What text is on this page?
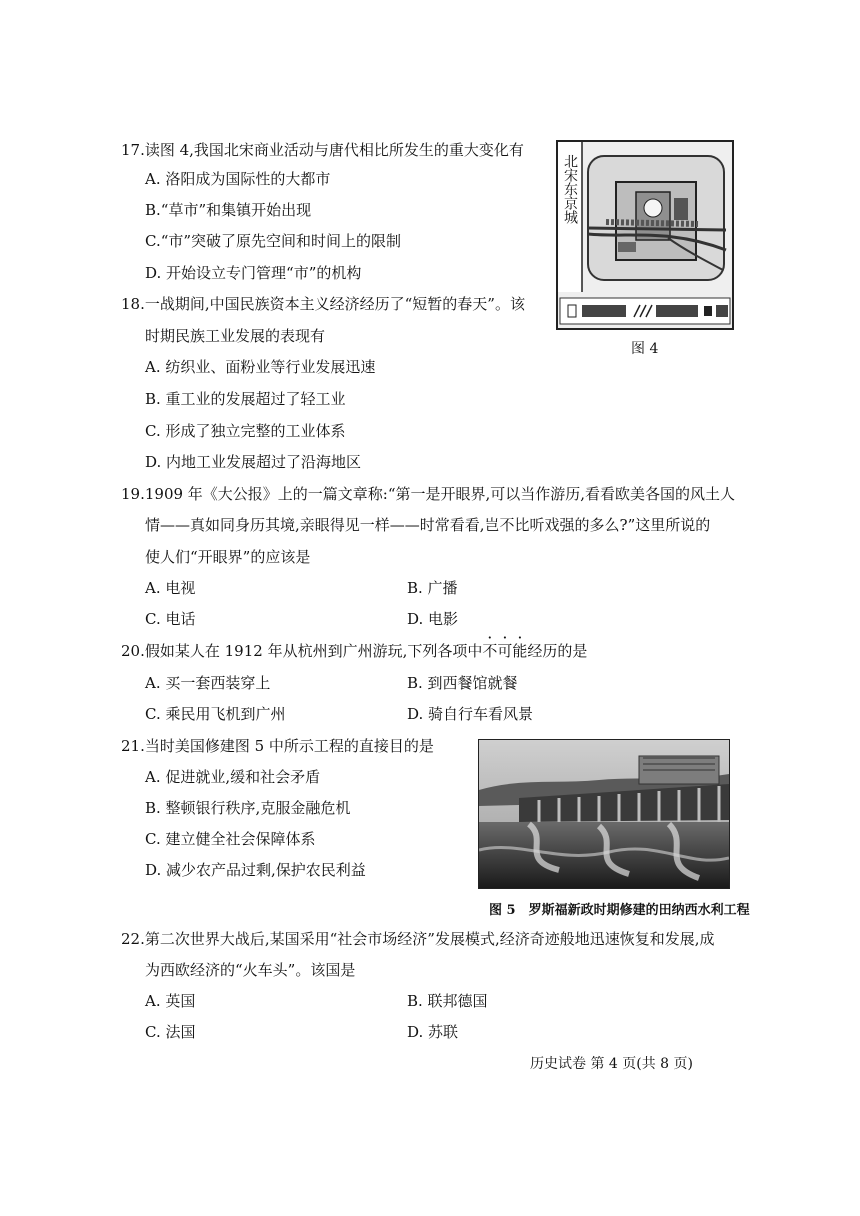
17.读图 4,我国北宋商业活动与唐代相比所发生的重大变化有
A. 洛阳成为国际性的大都市
B.“草市”和集镇开始出现
C.“市”突破了原先空间和时间上的限制
D. 开始设立专门管理“市”的机构
北宋东京城
图 4
18.一战期间,中国民族资本主义经济经历了“短暂的春天”。该
时期民族工业发展的表现有
A. 纺织业、面粉业等行业发展迅速
B. 重工业的发展超过了轻工业
C. 形成了独立完整的工业体系
D. 内地工业发展超过了沿海地区
19.1909 年《大公报》上的一篇文章称:“第一是开眼界,可以当作游历,看看欧美各国的风土人
情——真如同身历其境,亲眼得见一样——时常看看,岂不比听戏强的多么?”这里所说的
使人们“开眼界”的应该是
A. 电视	B. 广播
C. 电话	D. 电影
20.假如某人在 1912 年从杭州到广州游玩,下列各项中不可能经历的是
A. 买一套西装穿上	B. 到西餐馆就餐
C. 乘民用飞机到广州	D. 骑自行车看风景
21.当时美国修建图 5 中所示工程的直接目的是
A. 促进就业,缓和社会矛盾
B. 整顿银行秩序,克服金融危机
C. 建立健全社会保障体系
D. 减少农产品过剩,保护农民利益
图 5　罗斯福新政时期修建的田纳西水利工程
22.第二次世界大战后,某国采用“社会市场经济”发展模式,经济奇迹般地迅速恢复和发展,成
为西欧经济的“火车头”。该国是
A. 英国	B. 联邦德国
C. 法国	D. 苏联
历史试卷 第 4 页(共 8 页)
